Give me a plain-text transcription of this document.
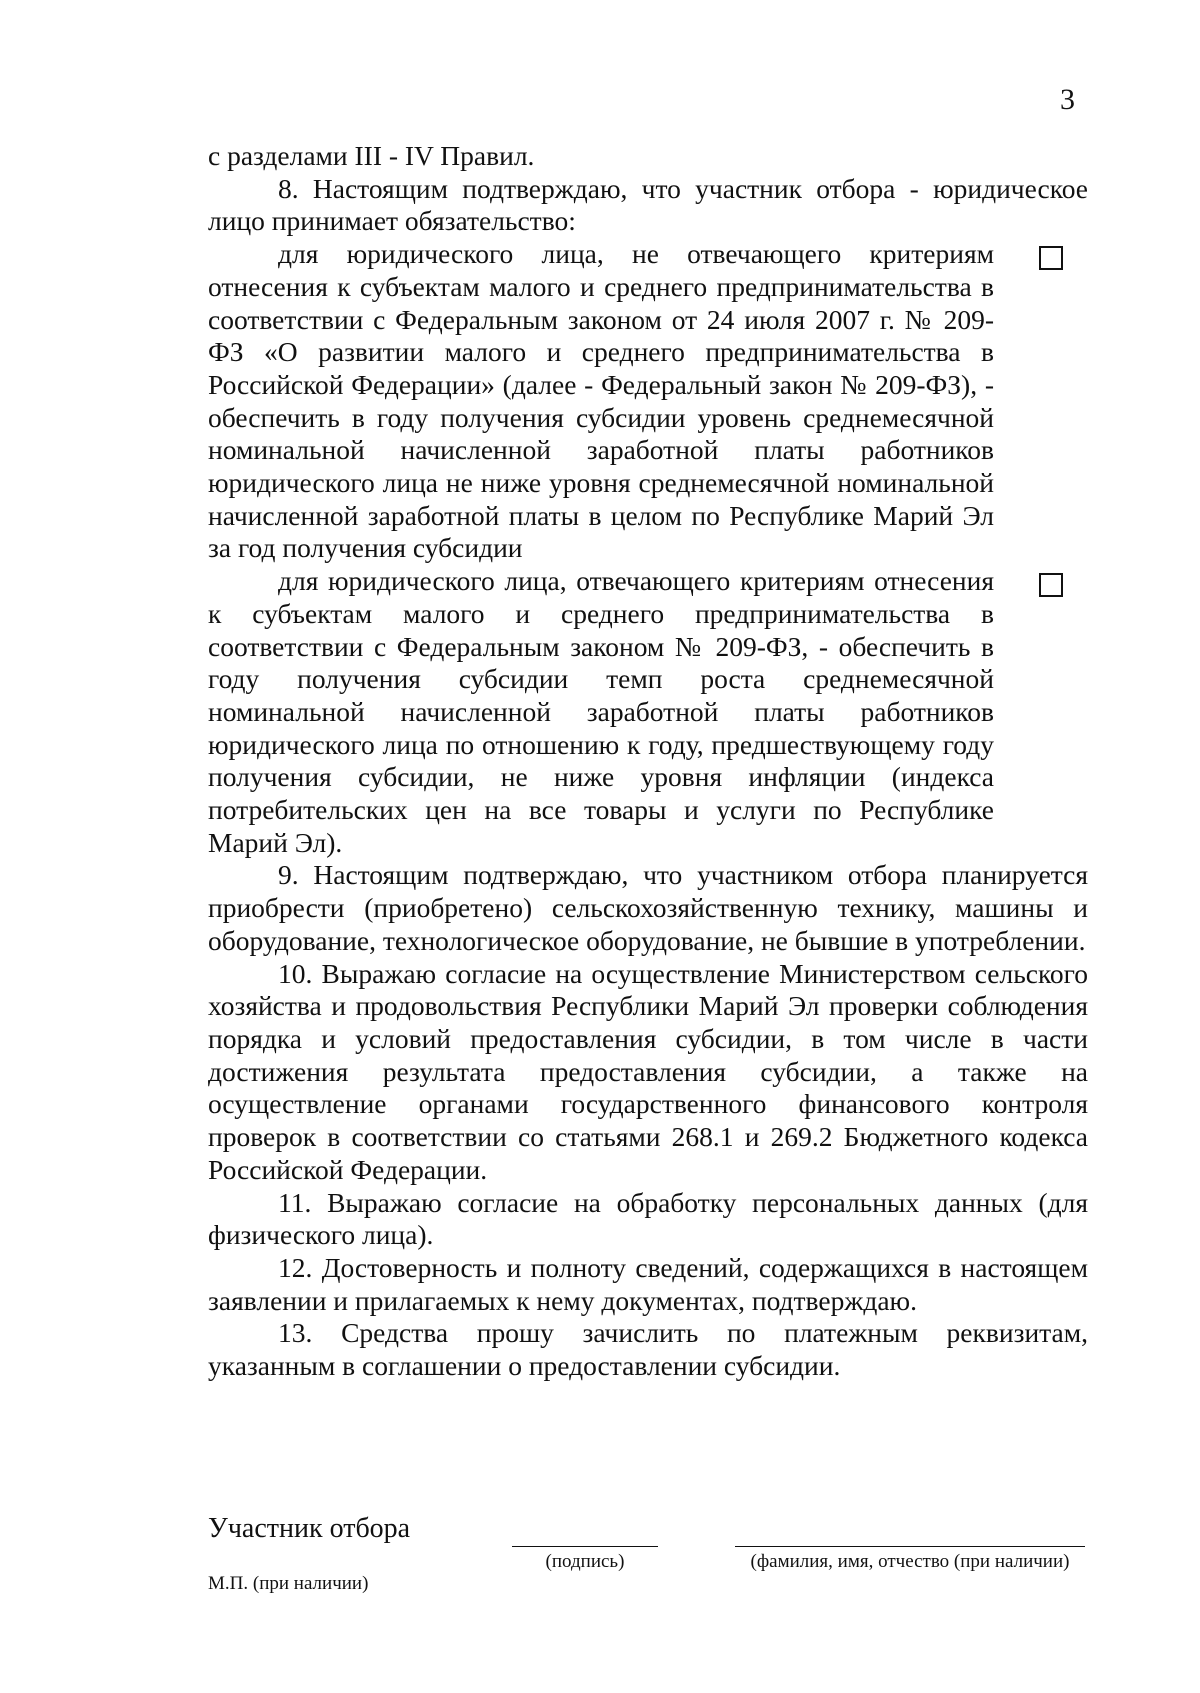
3

с разделами III - IV Правил.

8. Настоящим подтверждаю, что участник отбора - юридическое лицо принимает обязательство:

для юридического лица, не отвечающего критериям отнесения к субъектам малого и среднего предпринимательства в соответствии с Федеральным законом от 24 июля 2007 г. № 209-ФЗ «О развитии малого и среднего предпринимательства в Российской Федерации» (далее - Федеральный закон № 209-ФЗ), - обеспечить в году получения субсидии уровень среднемесячной номинальной начисленной заработной платы работников юридического лица не ниже уровня среднемесячной номинальной начисленной заработной платы в целом по Республике Марий Эл за год получения субсидии
для юридического лица, отвечающего критериям отнесения к субъектам малого и среднего предпринимательства в соответствии с Федеральным законом № 209-ФЗ, - обеспечить в году получения субсидии темп роста среднемесячной номинальной начисленной заработной платы работников юридического лица по отношению к году, предшествующему году получения субсидии, не ниже уровня инфляции (индекса потребительских цен на все товары и услуги по Республике Марий Эл).

9. Настоящим подтверждаю, что участником отбора планируется приобрести (приобретено) сельскохозяйственную технику, машины и оборудование, технологическое оборудование, не бывшие в употреблении.

10. Выражаю согласие на осуществление Министерством сельского хозяйства и продовольствия Республики Марий Эл проверки соблюдения порядка и условий предоставления субсидии, в том числе в части достижения результата предоставления субсидии, а также на осуществление органами государственного финансового контроля проверок в соответствии со статьями 268.1 и 269.2 Бюджетного кодекса Российской Федерации.

11. Выражаю согласие на обработку персональных данных (для физического лица).

12. Достоверность и полноту сведений, содержащихся в настоящем заявлении и прилагаемых к нему документах, подтверждаю.

13. Средства прошу зачислить по платежным реквизитам, указанным в соглашении о предоставлении субсидии.

Участник отбора
(подпись)	(фамилия, имя, отчество (при наличии)
М.П. (при наличии)
